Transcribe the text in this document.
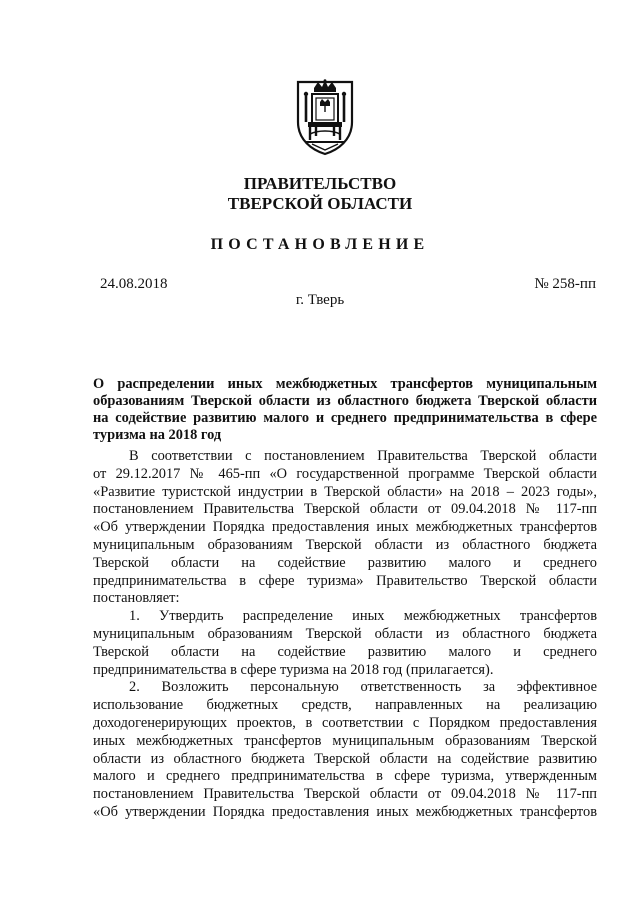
ПРАВИТЕЛЬСТВО
ТВЕРСКОЙ ОБЛАСТИ
ПОСТАНОВЛЕНИЕ
24.08.2018	№ 258-пп
г. Тверь
О распределении иных межбюджетных трансфертов муниципальным
образованиям Тверской области из областного бюджета Тверской области
на содействие развитию малого и среднего предпринимательства в сфере
туризма на 2018 год
В соответствии с постановлением Правительства Тверской области
от 29.12.2017 № 465-пп «О государственной программе Тверской области
«Развитие туристской индустрии в Тверской области» на 2018 – 2023 годы»,
постановлением Правительства Тверской области от 09.04.2018 № 117-пп
«Об утверждении Порядка предоставления иных межбюджетных трансфертов
муниципальным образованиям Тверской области из областного бюджета
Тверской области на содействие развитию малого и среднего
предпринимательства в сфере туризма» Правительство Тверской области
постановляет:
1. Утвердить распределение иных межбюджетных трансфертов
муниципальным образованиям Тверской области из областного бюджета
Тверской области на содействие развитию малого и среднего
предпринимательства в сфере туризма на 2018 год (прилагается).
2. Возложить персональную ответственность за эффективное
использование бюджетных средств, направленных на реализацию
доходогенерирующих проектов, в соответствии с Порядком предоставления
иных межбюджетных трансфертов муниципальным образованиям Тверской
области из областного бюджета Тверской области на содействие развитию
малого и среднего предпринимательства в сфере туризма, утвержденным
постановлением Правительства Тверской области от 09.04.2018 № 117-пп
«Об утверждении Порядка предоставления иных межбюджетных трансфертов
